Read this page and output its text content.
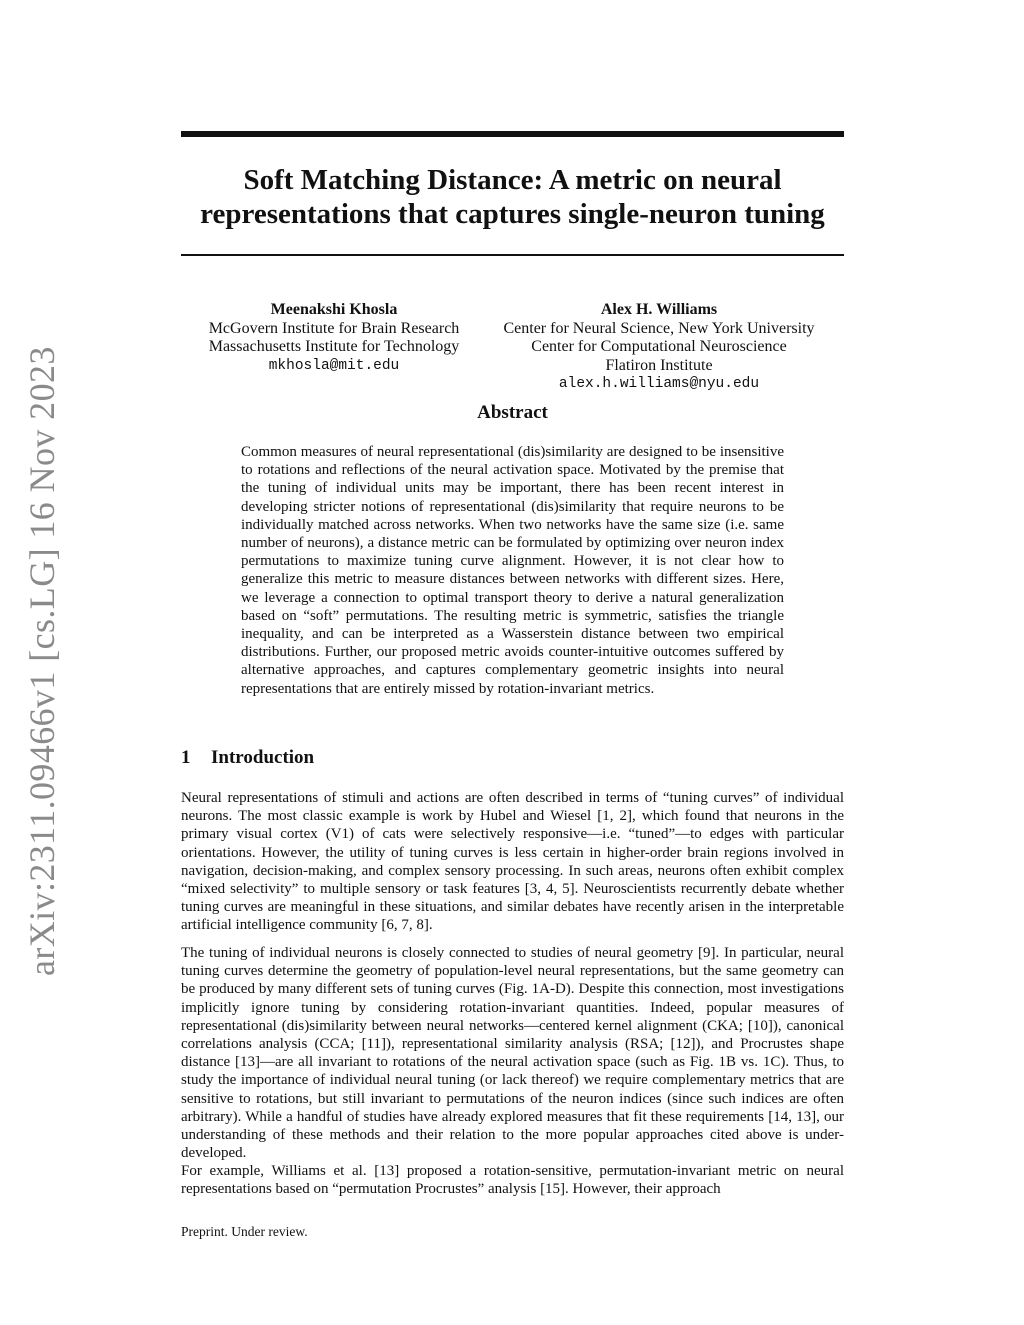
arXiv:2311.09466v1 [cs.LG] 16 Nov 2023
Soft Matching Distance: A metric on neural
representations that captures single-neuron tuning
Meenakshi Khosla
McGovern Institute for Brain Research
Massachusetts Institute for Technology
mkhosla@mit.edu
Alex H. Williams
Center for Neural Science, New York University
Center for Computational Neuroscience
Flatiron Institute
alex.h.williams@nyu.edu
Abstract
Common measures of neural representational (dis)similarity are designed to be insensitive to rotations and reflections of the neural activation space. Motivated by the premise that the tuning of individual units may be important, there has been recent interest in developing stricter notions of representational (dis)similarity that require neurons to be individually matched across networks. When two networks have the same size (i.e. same number of neurons), a distance metric can be formulated by optimizing over neuron index permutations to maximize tuning curve alignment. However, it is not clear how to generalize this metric to measure distances between networks with different sizes. Here, we leverage a connection to optimal transport theory to derive a natural generalization based on “soft” permutations. The resulting metric is symmetric, satisfies the triangle inequality, and can be interpreted as a Wasserstein distance between two empirical distributions. Further, our proposed metric avoids counter-intuitive outcomes suffered by alternative approaches, and captures complementary geometric insights into neural representations that are entirely missed by rotation-invariant metrics.
1 Introduction
Neural representations of stimuli and actions are often described in terms of “tuning curves” of individual neurons. The most classic example is work by Hubel and Wiesel [1, 2], which found that neurons in the primary visual cortex (V1) of cats were selectively responsive—i.e. “tuned”—to edges with particular orientations. However, the utility of tuning curves is less certain in higher-order brain regions involved in navigation, decision-making, and complex sensory processing. In such areas, neurons often exhibit complex “mixed selectivity” to multiple sensory or task features [3, 4, 5]. Neuroscientists recurrently debate whether tuning curves are meaningful in these situations, and similar debates have recently arisen in the interpretable artificial intelligence community [6, 7, 8].
The tuning of individual neurons is closely connected to studies of neural geometry [9]. In particular, neural tuning curves determine the geometry of population-level neural representations, but the same geometry can be produced by many different sets of tuning curves (Fig. 1A-D). Despite this connection, most investigations implicitly ignore tuning by considering rotation-invariant quantities. Indeed, popular measures of representational (dis)similarity between neural networks—centered kernel alignment (CKA; [10]), canonical correlations analysis (CCA; [11]), representational similarity analysis (RSA; [12]), and Procrustes shape distance [13]—are all invariant to rotations of the neural activation space (such as Fig. 1B vs. 1C). Thus, to study the importance of individual neural tuning (or lack thereof) we require complementary metrics that are sensitive to rotations, but still invariant to permutations of the neuron indices (since such indices are often arbitrary). While a handful of studies have already explored measures that fit these requirements [14, 13], our understanding of these methods and their relation to the more popular approaches cited above is under-developed.
For example, Williams et al. [13] proposed a rotation-sensitive, permutation-invariant metric on neural representations based on “permutation Procrustes” analysis [15]. However, their approach
Preprint. Under review.
